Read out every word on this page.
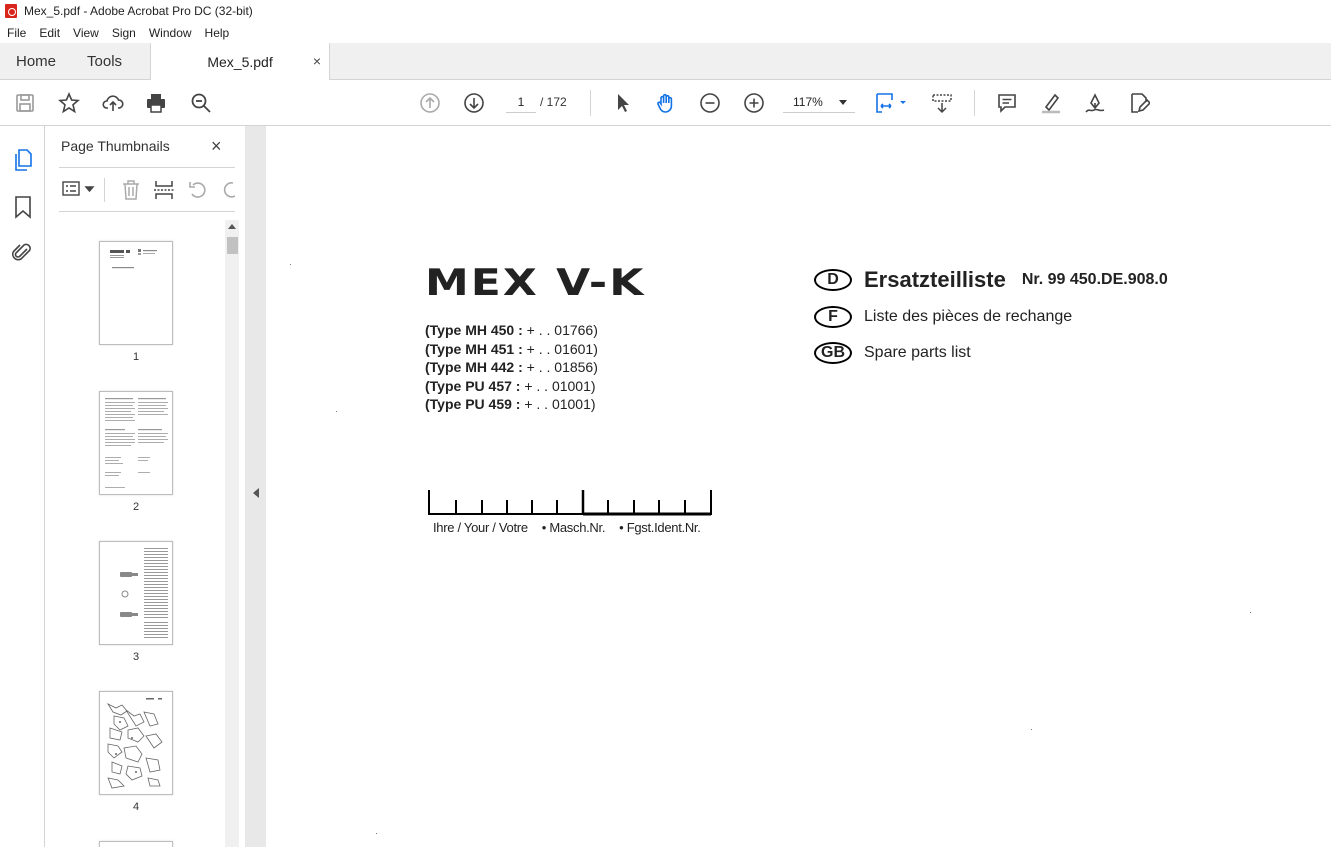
Mex_5.pdf - Adobe Acrobat Pro DC (32-bit)
File	Edit	View	Sign	Window	Help
Home	Tools	Mex_5.pdf	×
1	/ 172	117%
Page Thumbnails ×
1
2
3
4
MEX V-K
(Type MH 450 : + . . 01766)
(Type MH 451 : + . . 01601)
(Type MH 442 : + . . 01856)
(Type PU 457 : + . . 01001)
(Type PU 459 : + . . 01001)
D	Ersatzteilliste Nr. 99 450.DE.908.0
F	Liste des pièces de rechange
GB	Spare parts list
Ihre / Your / Votre • Masch.Nr. • Fgst.Ident.Nr.
